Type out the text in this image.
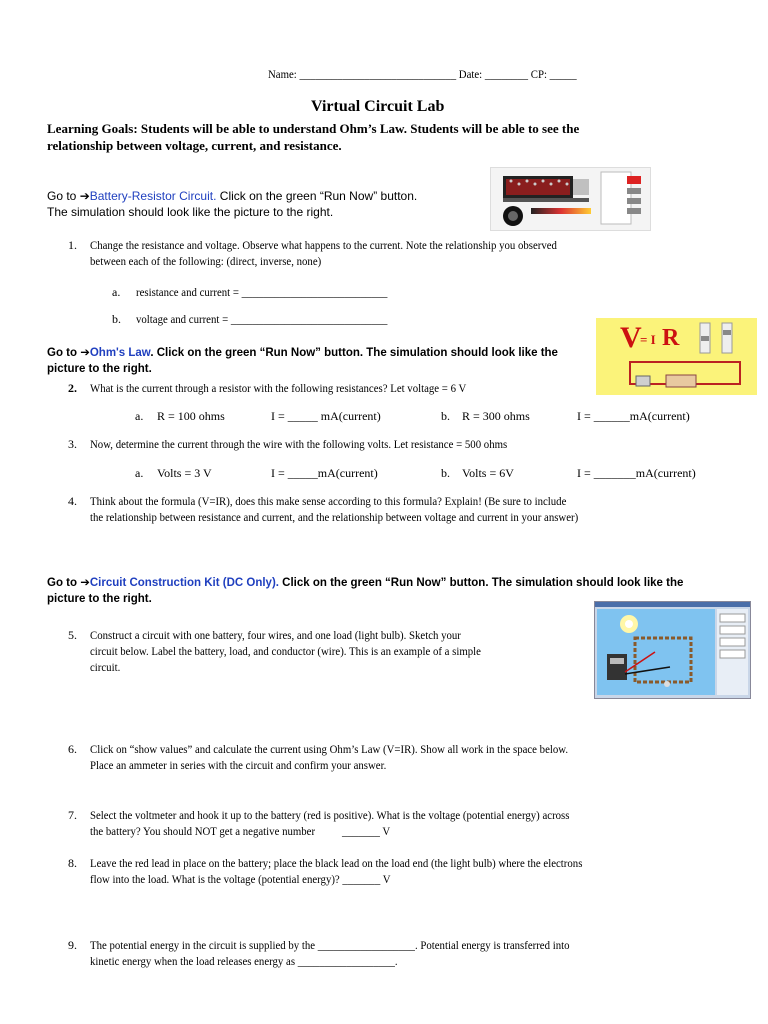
Name: _____________________________ Date: ________ CP: _____
Virtual Circuit Lab
Learning Goals: Students will be able to understand Ohm’s Law. Students will be able to see the
relationship between voltage, current, and resistance.
Go to ➔Battery-Resistor Circuit. Click on the green “Run Now” button.
The simulation should look like the picture to the right.
1. Change the resistance and voltage. Observe what happens to the current. Note the relationship you observed
between each of the following: (direct, inverse, none)
a. resistance and current = ___________________________
b. voltage and current = _____________________________
V
= I R
Go to ➔Ohm's Law. Click on the green “Run Now” button. The simulation should look like the
picture to the right.
2. What is the current through a resistor with the following resistances? Let voltage = 6 V
a. R = 100 ohms	I = _____ mA(current)	b. R = 300 ohms	I = ______mA(current)
3. Now, determine the current through the wire with the following volts. Let resistance = 500 ohms
a. Volts = 3 V	I = _____mA(current)	b. Volts = 6V	I = _______mA(current)
4. Think about the formula (V=IR), does this make sense according to this formula? Explain! (Be sure to include
the relationship between resistance and current, and the relationship between voltage and current in your answer)
Go to ➔Circuit Construction Kit (DC Only). Click on the green “Run Now” button. The simulation should look like the
picture to the right.
5. Construct a circuit with one battery, four wires, and one load (light bulb). Sketch your
circuit below. Label the battery, load, and conductor (wire). This is an example of a simple
circuit.
6. Click on “show values” and calculate the current using Ohm’s Law (V=IR). Show all work in the space below.
Place an ammeter in series with the circuit and confirm your answer.
7. Select the voltmeter and hook it up to the battery (red is positive). What is the voltage (potential energy) across
the battery? You should NOT get a negative number          _______ V
8. Leave the red lead in place on the battery; place the black lead on the load end (the light bulb) where the electrons
flow into the load. What is the voltage (potential energy)? _______ V
9. The potential energy in the circuit is supplied by the __________________. Potential energy is transferred into
kinetic energy when the load releases energy as __________________.
